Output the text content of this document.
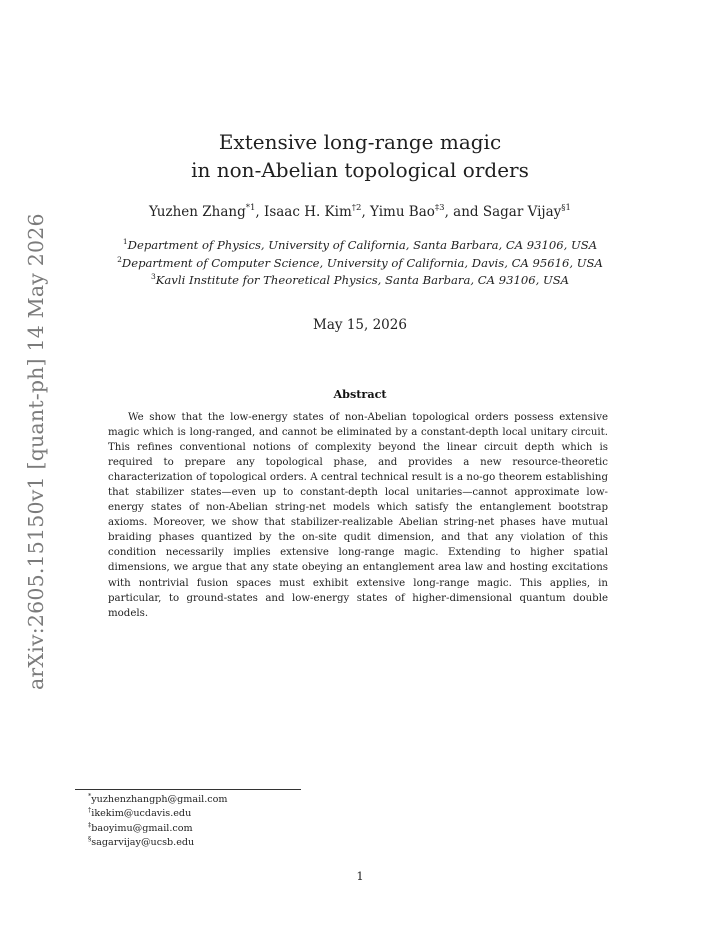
arXiv:2605.15150v1 [quant-ph] 14 May 2026
Extensive long-range magic
in non-Abelian topological orders
Yuzhen Zhang$^{*1}$, Isaac H. Kim$^{\dagger 2}$, Yimu Bao$^{\ddagger 3}$, and Sagar Vijay$^{\S 1}$
$^1$Department of Physics, University of California, Santa Barbara, CA 93106, USA
$^2$Department of Computer Science, University of California, Davis, CA 95616, USA
$^3$Kavli Institute for Theoretical Physics, Santa Barbara, CA 93106, USA
May 15, 2026
Abstract

We show that the low-energy states of non-Abelian topological orders possess extensive magic which is long-ranged, and cannot be eliminated by a constant-depth local unitary circuit. This refines conventional notions of complexity beyond the linear circuit depth which is required to prepare any topological phase, and provides a new resource-theoretic characterization of topological orders. A central technical result is a no-go theorem establishing that stabilizer states—even up to constant-depth local unitaries—cannot approximate low-energy states of non-Abelian string-net models which satisfy the entanglement bootstrap axioms. Moreover, we show that stabilizer-realizable Abelian string-net phases have mutual braiding phases quantized by the on-site qudit dimension, and that any violation of this condition necessarily implies extensive long-range magic. Extending to higher spatial dimensions, we argue that any state obeying an entanglement area law and hosting excitations with nontrivial fusion spaces must exhibit extensive long-range magic. This applies, in particular, to ground-states and low-energy states of higher-dimensional quantum double models.

*yuzhenzhangph@gmail.com
†ikekim@ucdavis.edu
‡baoyimu@gmail.com
§sagarvijay@ucsb.edu
1
